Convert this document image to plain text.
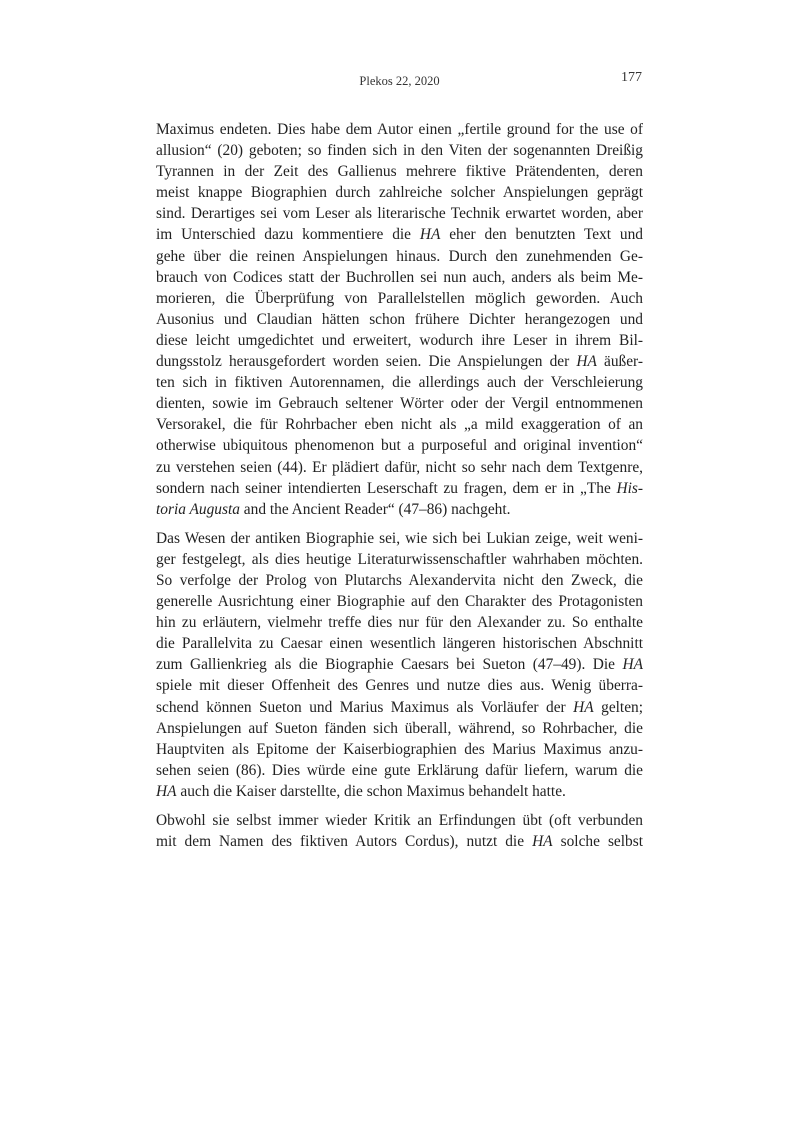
Plekos 22, 2020	177
Maximus endeten. Dies habe dem Autor einen „fertile ground for the use of
allusion“ (20) geboten; so finden sich in den Viten der sogenannten Dreißig
Tyrannen in der Zeit des Gallienus mehrere fiktive Prätendenten, deren
meist knappe Biographien durch zahlreiche solcher Anspielungen geprägt
sind. Derartiges sei vom Leser als literarische Technik erwartet worden, aber
im Unterschied dazu kommentiere die HA eher den benutzten Text und
gehe über die reinen Anspielungen hinaus. Durch den zunehmenden Ge-
brauch von Codices statt der Buchrollen sei nun auch, anders als beim Me-
morieren, die Überprüfung von Parallelstellen möglich geworden. Auch
Ausonius und Claudian hätten schon frühere Dichter herangezogen und
diese leicht umgedichtet und erweitert, wodurch ihre Leser in ihrem Bil-
dungsstolz herausgefordert worden seien. Die Anspielungen der HA äußer-
ten sich in fiktiven Autorennamen, die allerdings auch der Verschleierung
dienten, sowie im Gebrauch seltener Wörter oder der Vergil entnommenen
Versorakel, die für Rohrbacher eben nicht als „a mild exaggeration of an
otherwise ubiquitous phenomenon but a purposeful and original invention“
zu verstehen seien (44). Er plädiert dafür, nicht so sehr nach dem Textgenre,
sondern nach seiner intendierten Leserschaft zu fragen, dem er in „The His-
toria Augusta and the Ancient Reader“ (47–86) nachgeht.
Das Wesen der antiken Biographie sei, wie sich bei Lukian zeige, weit weni-
ger festgelegt, als dies heutige Literaturwissenschaftler wahrhaben möchten.
So verfolge der Prolog von Plutarchs Alexandervita nicht den Zweck, die
generelle Ausrichtung einer Biographie auf den Charakter des Protagonisten
hin zu erläutern, vielmehr treffe dies nur für den Alexander zu. So enthalte
die Parallelvita zu Caesar einen wesentlich längeren historischen Abschnitt
zum Gallienkrieg als die Biographie Caesars bei Sueton (47–49). Die HA
spiele mit dieser Offenheit des Genres und nutze dies aus. Wenig überra-
schend können Sueton und Marius Maximus als Vorläufer der HA gelten;
Anspielungen auf Sueton fänden sich überall, während, so Rohrbacher, die
Hauptviten als Epitome der Kaiserbiographien des Marius Maximus anzu-
sehen seien (86). Dies würde eine gute Erklärung dafür liefern, warum die
HA auch die Kaiser darstellte, die schon Maximus behandelt hatte.
Obwohl sie selbst immer wieder Kritik an Erfindungen übt (oft verbunden
mit dem Namen des fiktiven Autors Cordus), nutzt die HA solche selbst
